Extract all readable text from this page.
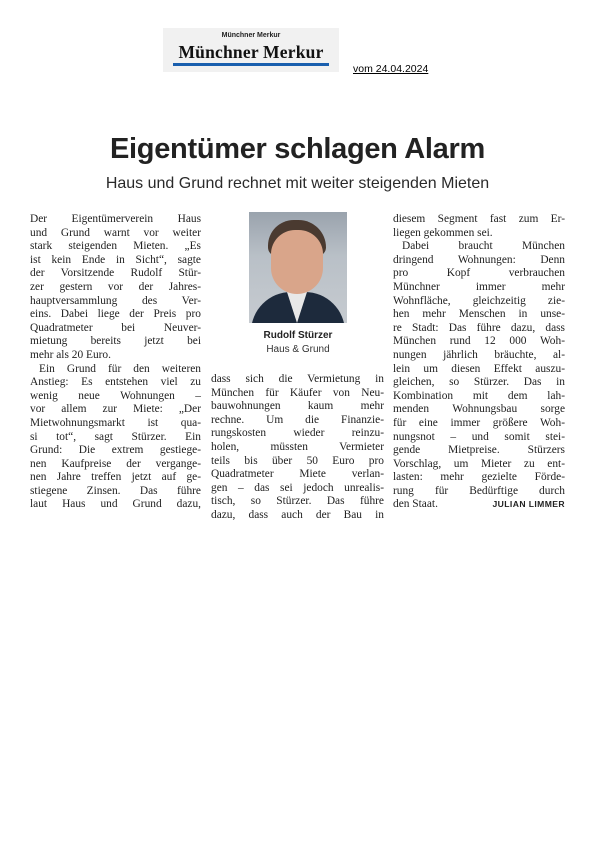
Münchner Merkur
Münchner Merkur
vom 24.04.2024
Eigentümer schlagen Alarm
Haus und Grund rechnet mit weiter steigenden Mieten
Der Eigentümerverein Haus
und Grund warnt vor weiter
stark steigenden Mieten. „Es
ist kein Ende in Sicht“, sagte
der Vorsitzende Rudolf Stür-
zer gestern vor der Jahres-
hauptversammlung des Ver-
eins. Dabei liege der Preis pro
Quadratmeter bei Neuver-
mietung bereits jetzt bei
mehr als 20 Euro.
Ein Grund für den weiteren
Anstieg: Es entstehen viel zu
wenig neue Wohnungen –
vor allem zur Miete: „Der
Mietwohnungsmarkt ist qua-
si tot“, sagt Stürzer. Ein
Grund: Die extrem gestiege-
nen Kaufpreise der vergange-
nen Jahre treffen jetzt auf ge-
stiegene Zinsen. Das führe
laut Haus und Grund dazu,
Rudolf Stürzer
Haus & Grund
dass sich die Vermietung in
München für Käufer von Neu-
bauwohnungen kaum mehr
rechne. Um die Finanzie-
rungskosten wieder reinzu-
holen, müssten Vermieter
teils bis über 50 Euro pro
Quadratmeter Miete verlan-
gen – das sei jedoch unrealis-
tisch, so Stürzer. Das führe
dazu, dass auch der Bau in
diesem Segment fast zum Er-
liegen gekommen sei.
Dabei braucht München
dringend Wohnungen: Denn
pro Kopf verbrauchen
Münchner immer mehr
Wohnfläche, gleichzeitig zie-
hen mehr Menschen in unse-
re Stadt: Das führe dazu, dass
München rund 12 000 Woh-
nungen jährlich bräuchte, al-
lein um diesen Effekt auszu-
gleichen, so Stürzer. Das in
Kombination mit dem lah-
menden Wohnungsbau sorge
für eine immer größere Woh-
nungsnot – und somit stei-
gende Mietpreise. Stürzers
Vorschlag, um Mieter zu ent-
lasten: mehr gezielte Förde-
rung für Bedürftige durch
den Staat.	JULIAN LIMMER
